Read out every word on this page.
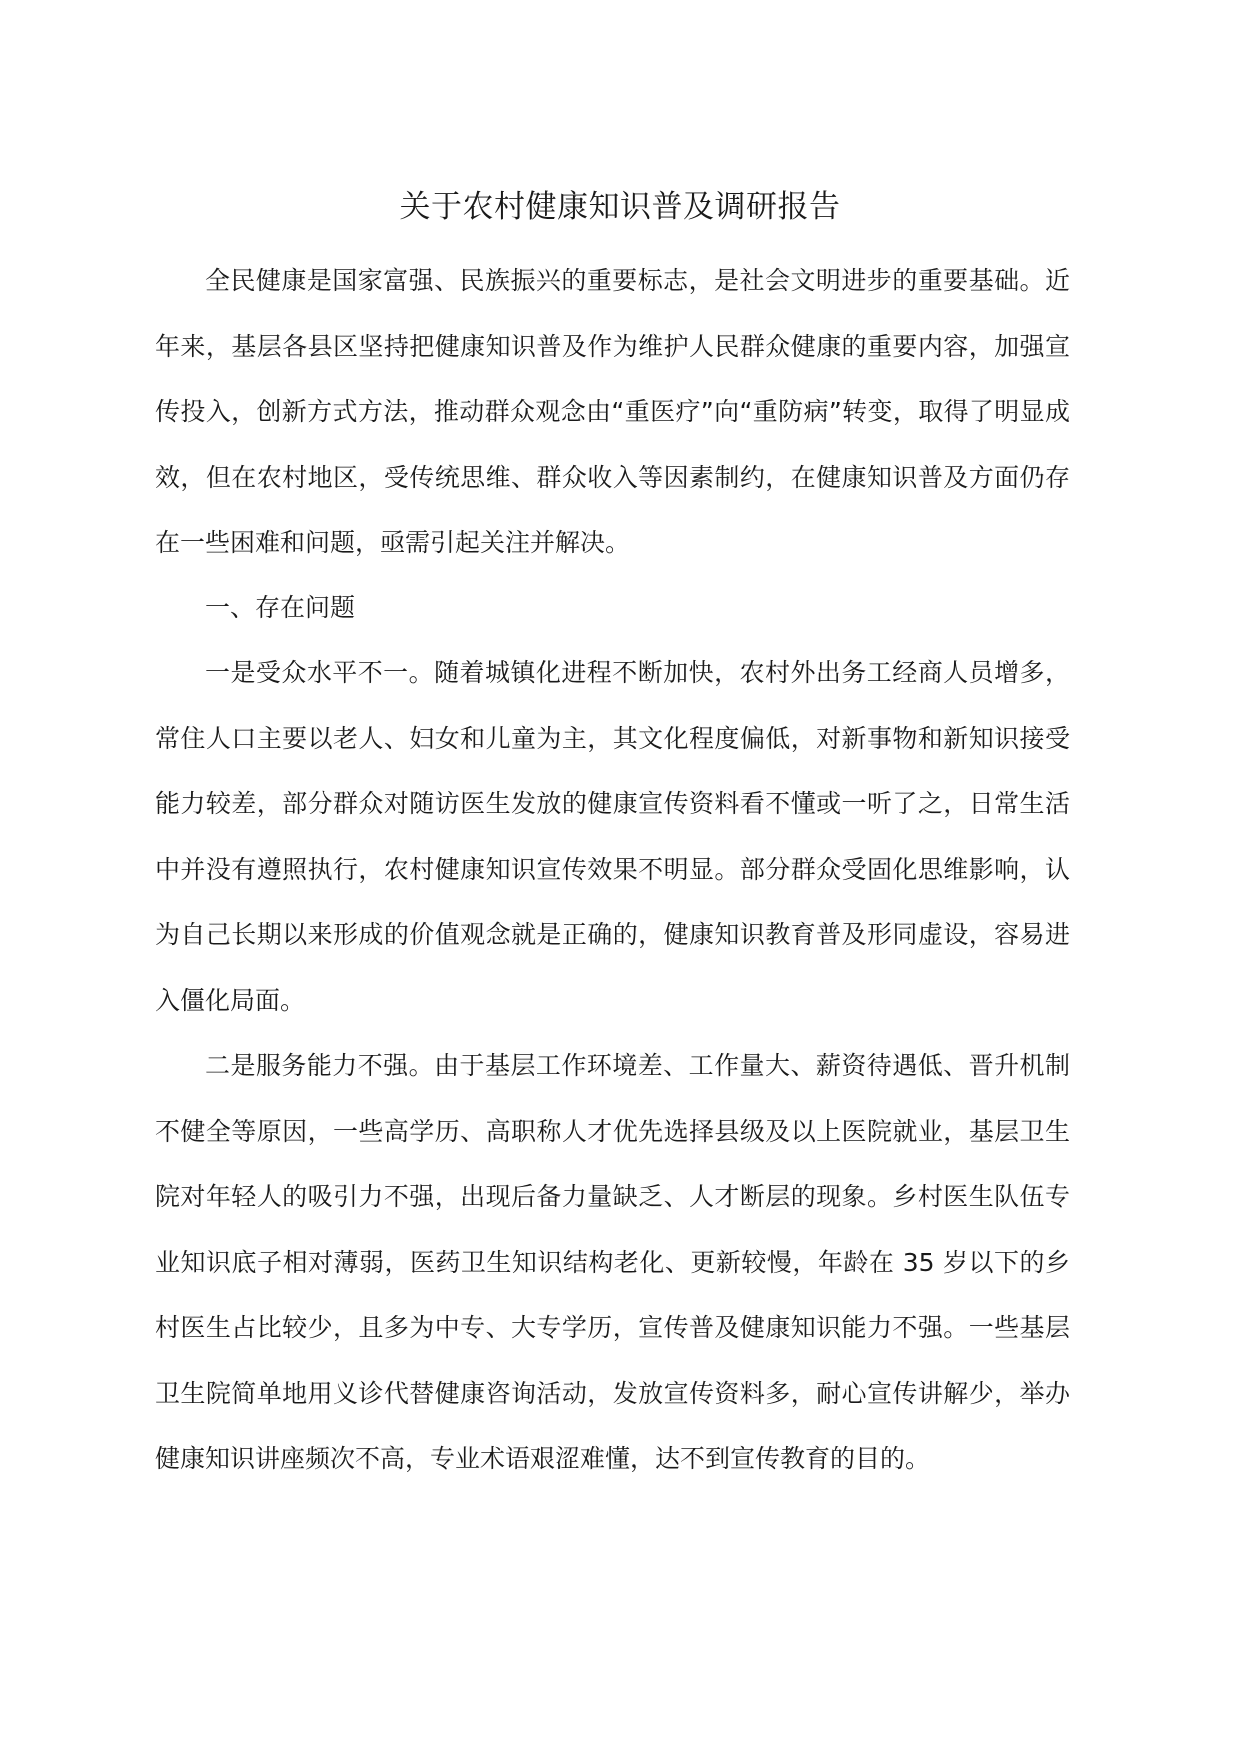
关于农村健康知识普及调研报告

全民健康是国家富强、民族振兴的重要标志，是社会文明进步的重要基础。近年来，基层各县区坚持把健康知识普及作为维护人民群众健康的重要内容，加强宣传投入，创新方式方法，推动群众观念由“重医疗”向“重防病”转变，取得了明显成效，但在农村地区，受传统思维、群众收入等因素制约，在健康知识普及方面仍存在一些困难和问题，亟需引起关注并解决。

一、存在问题

一是受众水平不一。随着城镇化进程不断加快，农村外出务工经商人员增多，常住人口主要以老人、妇女和儿童为主，其文化程度偏低，对新事物和新知识接受能力较差，部分群众对随访医生发放的健康宣传资料看不懂或一听了之，日常生活中并没有遵照执行，农村健康知识宣传效果不明显。部分群众受固化思维影响，认为自己长期以来形成的价值观念就是正确的，健康知识教育普及形同虚设，容易进入僵化局面。

二是服务能力不强。由于基层工作环境差、工作量大、薪资待遇低、晋升机制不健全等原因，一些高学历、高职称人才优先选择县级及以上医院就业，基层卫生院对年轻人的吸引力不强，出现后备力量缺乏、人才断层的现象。乡村医生队伍专业知识底子相对薄弱，医药卫生知识结构老化、更新较慢，年龄在 35 岁以下的乡村医生占比较少，且多为中专、大专学历，宣传普及健康知识能力不强。一些基层卫生院简单地用义诊代替健康咨询活动，发放宣传资料多，耐心宣传讲解少，举办健康知识讲座频次不高，专业术语艰涩难懂，达不到宣传教育的目的。
